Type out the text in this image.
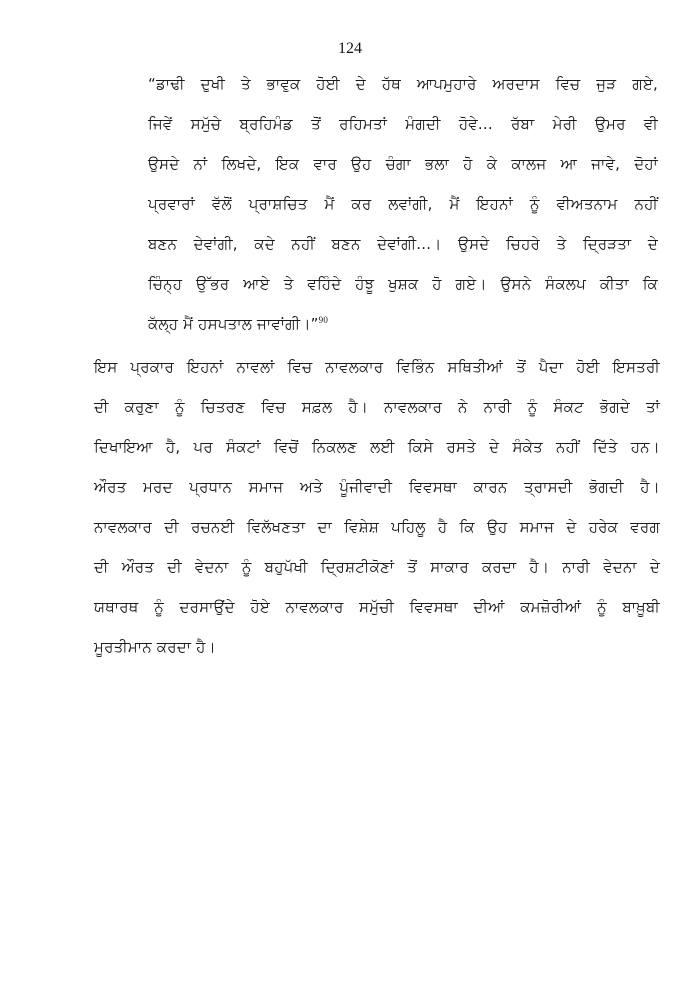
124
“ਡਾਢੀ ਦੁਖੀ ਤੇ ਭਾਵੁਕ ਹੋਈ ਦੇ ਹੱਥ ਆਪਮੁਹਾਰੇ ਅਰਦਾਸ ਵਿਚ ਜੁੜ ਗਏ,
ਜਿਵੇਂ ਸਮੁੱਚੇ ਬ੍ਰਹਿਮੰਡ ਤੋਂ ਰਹਿਮਤਾਂ ਮੰਗਦੀ ਹੋਵੇ... ਰੱਬਾ ਮੇਰੀ ਉਮਰ ਵੀ
ਉਸਦੇ ਨਾਂ ਲਿਖਦੇ, ਇਕ ਵਾਰ ਉਹ ਚੰਗਾ ਭਲਾ ਹੋ ਕੇ ਕਾਲਜ ਆ ਜਾਵੇ, ਦੋਹਾਂ
ਪ੍ਰਵਾਰਾਂ ਵੱਲੋਂ ਪ੍ਰਾਸ਼ਚਿਤ ਮੈਂ ਕਰ ਲਵਾਂਗੀ, ਮੈਂ ਇਹਨਾਂ ਨੂੰ ਵੀਅਤਨਾਮ ਨਹੀਂ
ਬਣਨ ਦੇਵਾਂਗੀ, ਕਦੇ ਨਹੀਂ ਬਣਨ ਦੇਵਾਂਗੀ...। ਉਸਦੇ ਚਿਹਰੇ ਤੇ ਦ੍ਰਿੜਤਾ ਦੇ
ਚਿੰਨ੍ਹ ਉੱਭਰ ਆਏ ਤੇ ਵਹਿੰਦੇ ਹੰਝੂ ਖੁਸ਼ਕ ਹੋ ਗਏ। ਉਸਨੇ ਸੰਕਲਪ ਕੀਤਾ ਕਿ
ਕੱਲ੍ਹ ਮੈਂ ਹਸਪਤਾਲ ਜਾਵਾਂਗੀ।”$^{90}$
ਇਸ ਪ੍ਰਕਾਰ ਇਹਨਾਂ ਨਾਵਲਾਂ ਵਿਚ ਨਾਵਲਕਾਰ ਵਿਭਿੰਨ ਸਥਿਤੀਆਂ ਤੋਂ ਪੈਦਾ ਹੋਈ ਇਸਤਰੀ
ਦੀ ਕਰੁਣਾ ਨੂੰ ਚਿਤਰਣ ਵਿਚ ਸਫ਼ਲ ਹੈ। ਨਾਵਲਕਾਰ ਨੇ ਨਾਰੀ ਨੂੰ ਸੰਕਟ ਭੋਗਦੇ ਤਾਂ
ਦਿਖਾਇਆ ਹੈ, ਪਰ ਸੰਕਟਾਂ ਵਿਚੋਂ ਨਿਕਲਣ ਲਈ ਕਿਸੇ ਰਸਤੇ ਦੇ ਸੰਕੇਤ ਨਹੀਂ ਦਿੱਤੇ ਹਨ।
ਔਰਤ ਮਰਦ ਪ੍ਰਧਾਨ ਸਮਾਜ ਅਤੇ ਪੂੰਜੀਵਾਦੀ ਵਿਵਸਥਾ ਕਾਰਨ ਤ੍ਰਾਸਦੀ ਭੋਗਦੀ ਹੈ।
ਨਾਵਲਕਾਰ ਦੀ ਰਚਨਈ ਵਿਲੱਖਣਤਾ ਦਾ ਵਿਸ਼ੇਸ਼ ਪਹਿਲੂ ਹੈ ਕਿ ਉਹ ਸਮਾਜ ਦੇ ਹਰੇਕ ਵਰਗ
ਦੀ ਔਰਤ ਦੀ ਵੇਦਨਾ ਨੂੰ ਬਹੁਪੱਖੀ ਦ੍ਰਿਸ਼ਟੀਕੋਣਾਂ ਤੋਂ ਸਾਕਾਰ ਕਰਦਾ ਹੈ। ਨਾਰੀ ਵੇਦਨਾ ਦੇ
ਯਥਾਰਥ ਨੂੰ ਦਰਸਾਉਂਦੇ ਹੋਏ ਨਾਵਲਕਾਰ ਸਮੁੱਚੀ ਵਿਵਸਥਾ ਦੀਆਂ ਕਮਜ਼ੋਰੀਆਂ ਨੂੰ ਬਾਖ਼ੂਬੀ
ਮੂਰਤੀਮਾਨ ਕਰਦਾ ਹੈ।
